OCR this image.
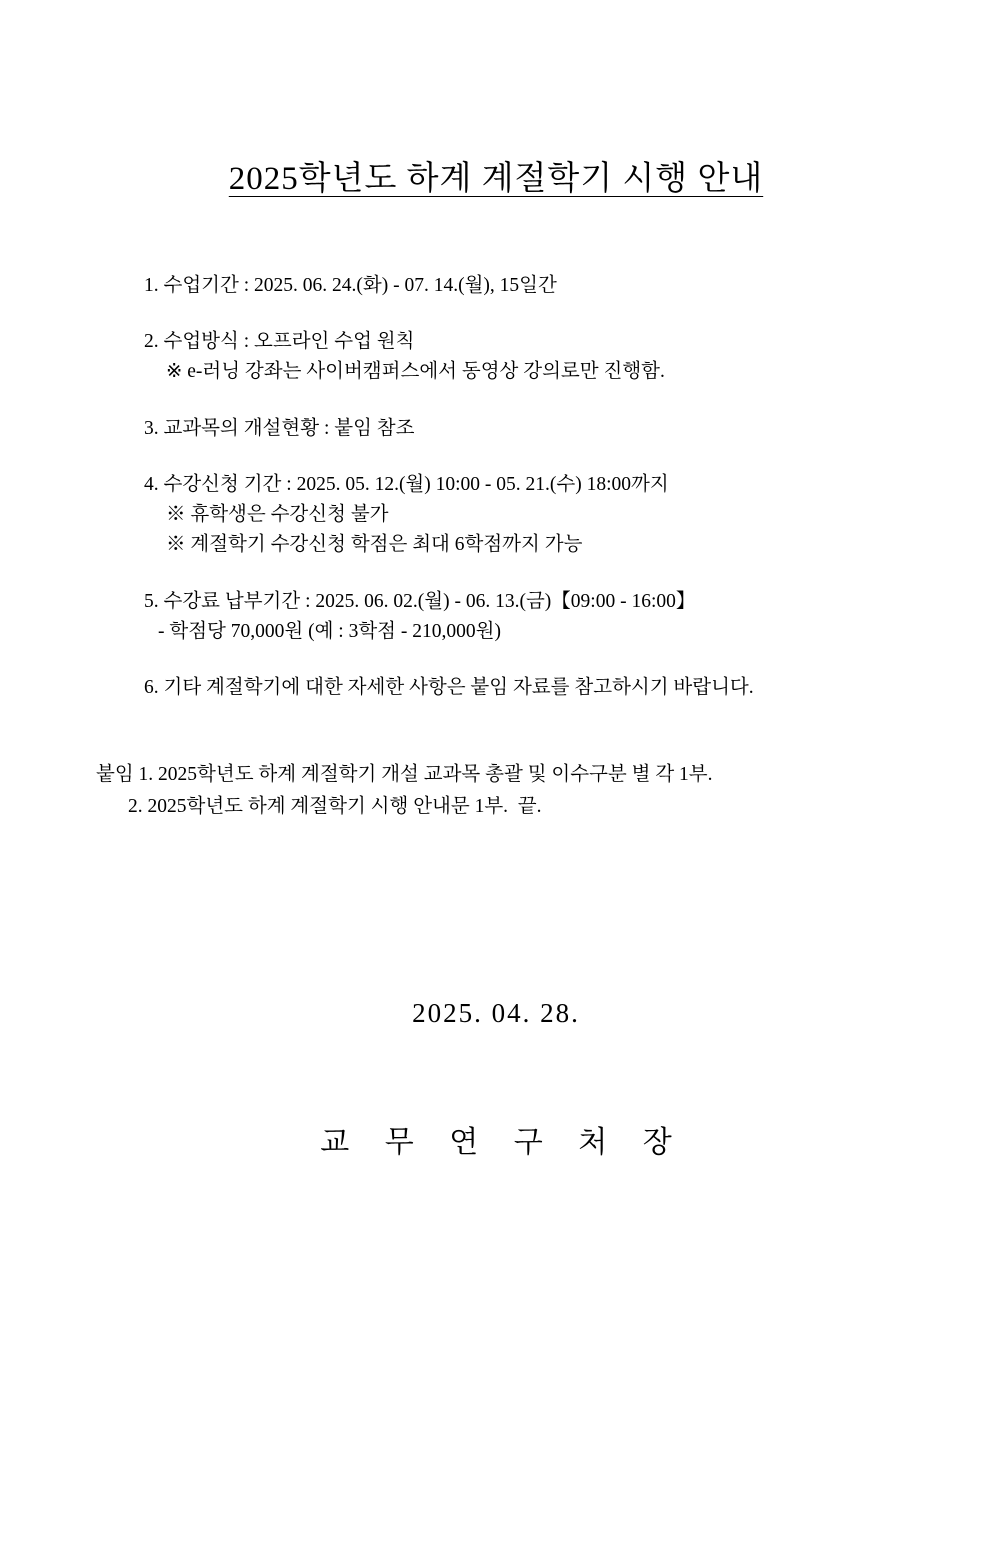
2025학년도 하계 계절학기 시행 안내
1. 수업기간 : 2025. 06. 24.(화) - 07. 14.(월), 15일간
2. 수업방식 : 오프라인 수업 원칙
※ e-러닝 강좌는 사이버캠퍼스에서 동영상 강의로만 진행함.
3. 교과목의 개설현황 : 붙임 참조
4. 수강신청 기간 : 2025. 05. 12.(월) 10:00 - 05. 21.(수) 18:00까지
※ 휴학생은 수강신청 불가
※ 계절학기 수강신청 학점은 최대 6학점까지 가능
5. 수강료 납부기간 : 2025. 06. 02.(월) - 06. 13.(금)【09:00 - 16:00】
- 학점당 70,000원 (예 : 3학점 - 210,000원)
6. 기타 계절학기에 대한 자세한 사항은 붙임 자료를 참고하시기 바랍니다.
붙임 1. 2025학년도 하계 계절학기 개설 교과목 총괄 및 이수구분 별 각 1부.
2. 2025학년도 하계 계절학기 시행 안내문 1부.  끝.
2025. 04. 28.
교 무 연 구 처 장
